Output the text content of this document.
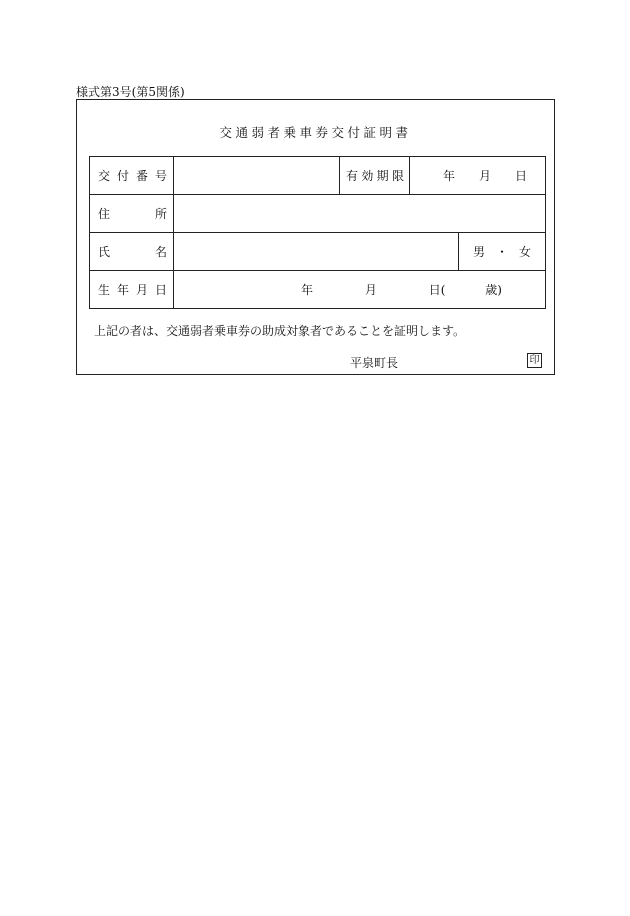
様式第3号(第5関係)
交通弱者乗車券交付証明書
交 付 番 号		有 効 期 限	年 月 日	

住 所				

氏 名				男 ・ 女

生 年 月 日	年 月 日( 歳)			
上記の者は、交通弱者乗車券の助成対象者であることを証明します。
平泉町長	印
